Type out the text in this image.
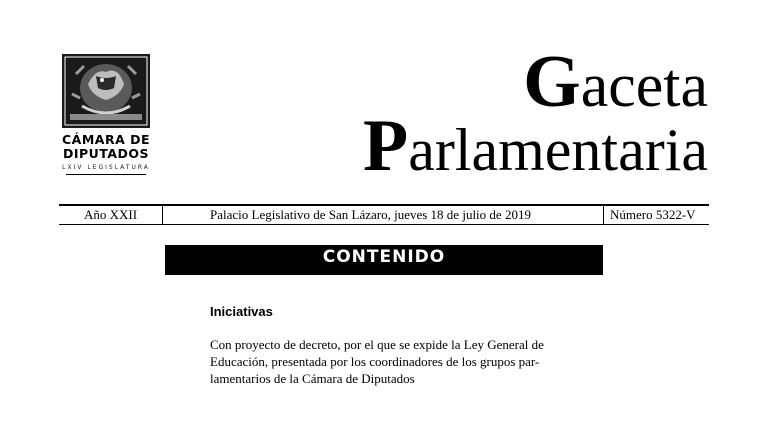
CÁMARA DE
DIPUTADOS
LXIV LEGISLATURA
Gaceta
Parlamentaria
Año XXII	Palacio Legislativo de San Lázaro, jueves 18 de julio de 2019	Número 5322-V
CONTENIDO
Iniciativas
Con proyecto de decreto, por el que se expide la Ley General de
Educación, presentada por los coordinadores de los grupos par-
lamentarios de la Cámara de Diputados
